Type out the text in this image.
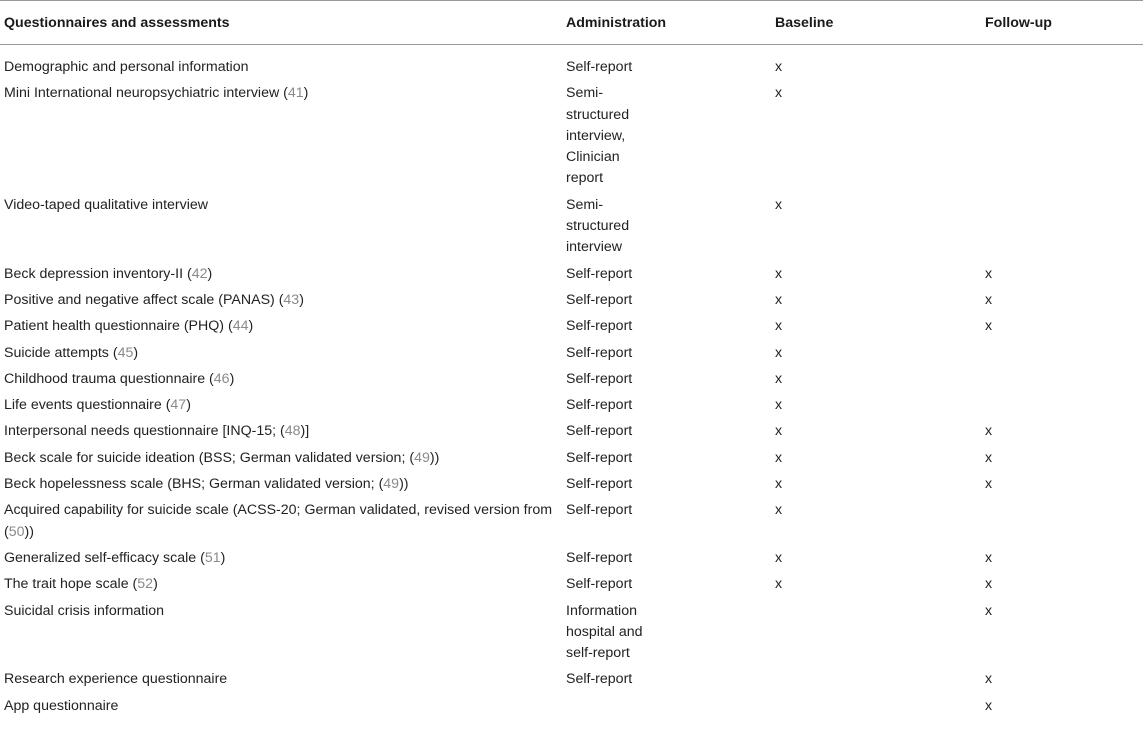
Questionnaires and assessments	Administration	Baseline	Follow-up
Demographic and personal information	Self-report	x	
Mini International neuropsychiatric interview (41)	Semi-
structured
interview,
Clinician
report	x	
Video-taped qualitative interview	Semi-
structured
interview	x	
Beck depression inventory-II (42)	Self-report	x	x
Positive and negative affect scale (PANAS) (43)	Self-report	x	x
Patient health questionnaire (PHQ) (44)	Self-report	x	x
Suicide attempts (45)	Self-report	x	
Childhood trauma questionnaire (46)	Self-report	x	
Life events questionnaire (47)	Self-report	x	
Interpersonal needs questionnaire [INQ-15; (48)]	Self-report	x	x
Beck scale for suicide ideation (BSS; German validated version; (49))	Self-report	x	x
Beck hopelessness scale (BHS; German validated version; (49))	Self-report	x	x
Acquired capability for suicide scale (ACSS-20; German validated, revised version from (50))	Self-report	x	
Generalized self-efficacy scale (51)	Self-report	x	x
The trait hope scale (52)	Self-report	x	x
Suicidal crisis information	Information
hospital and
self-report		x
Research experience questionnaire	Self-report		x
App questionnaire			x
